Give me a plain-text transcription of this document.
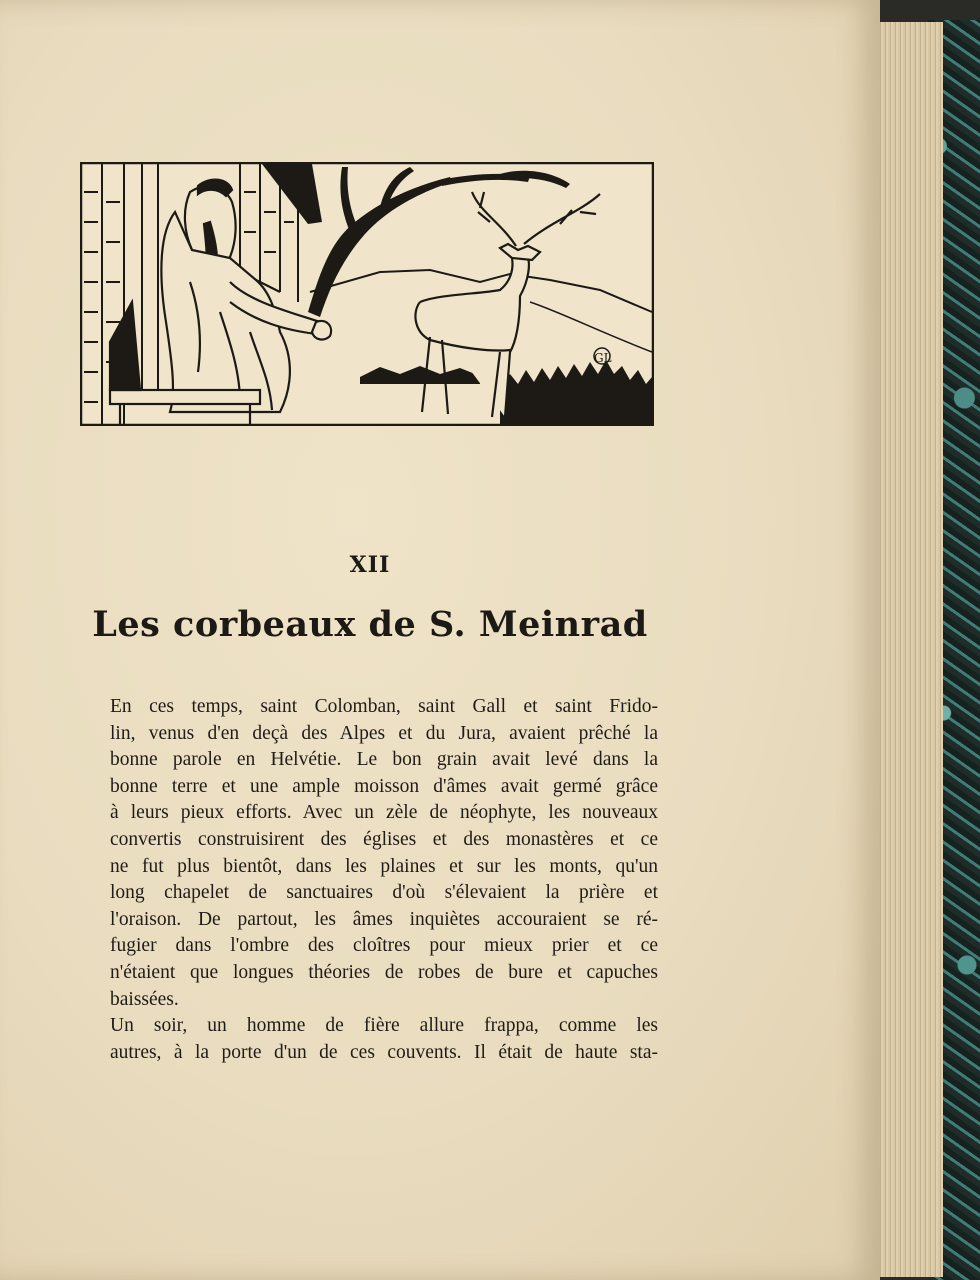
GL
XII
Les corbeaux de S. Meinrad

En ces temps, saint Colomban, saint Gall et saint Frido-
lin, venus d'en deçà des Alpes et du Jura, avaient prêché la
bonne parole en Helvétie. Le bon grain avait levé dans la
bonne terre et une ample moisson d'âmes avait germé grâce
à leurs pieux efforts. Avec un zèle de néophyte, les nouveaux
convertis construisirent des églises et des monastères et ce
ne fut plus bientôt, dans les plaines et sur les monts, qu'un
long chapelet de sanctuaires d'où s'élevaient la prière et
l'oraison. De partout, les âmes inquiètes accouraient se ré-
fugier dans l'ombre des cloîtres pour mieux prier et ce
n'étaient que longues théories de robes de bure et capuches
baissées.

Un soir, un homme de fière allure frappa, comme les
autres, à la porte d'un de ces couvents. Il était de haute sta-
